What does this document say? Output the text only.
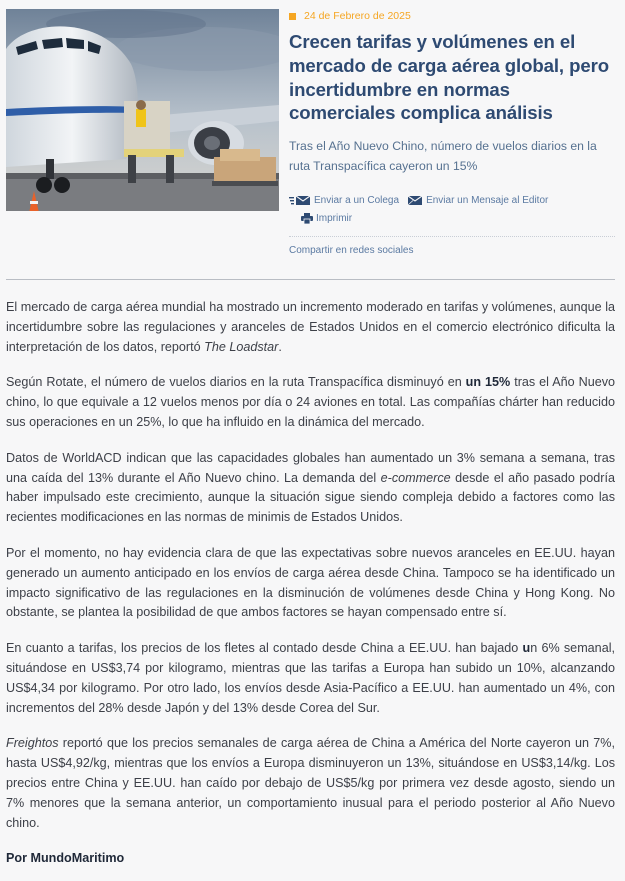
24 de Febrero de 2025
Crecen tarifas y volúmenes en el mercado de carga aérea global, pero incertidumbre en normas comerciales complica análisis
Tras el Año Nuevo Chino, número de vuelos diarios en la ruta Transpacífica cayeron un 15%
Enviar a un Colega	Enviar un Mensaje al Editor
Imprimir
Compartir en redes sociales

El mercado de carga aérea mundial ha mostrado un incremento moderado en tarifas y volúmenes, aunque la incertidumbre sobre las regulaciones y aranceles de Estados Unidos en el comercio electrónico dificulta la interpretación de los datos, reportó The Loadstar.

Según Rotate, el número de vuelos diarios en la ruta Transpacífica disminuyó en un 15% tras el Año Nuevo chino, lo que equivale a 12 vuelos menos por día o 24 aviones en total. Las compañías chárter han reducido sus operaciones en un 25%, lo que ha influido en la dinámica del mercado.

Datos de WorldACD indican que las capacidades globales han aumentado un 3% semana a semana, tras una caída del 13% durante el Año Nuevo chino. La demanda del e-commerce desde el año pasado podría haber impulsado este crecimiento, aunque la situación sigue siendo compleja debido a factores como las recientes modificaciones en las normas de minimis de Estados Unidos.

Por el momento, no hay evidencia clara de que las expectativas sobre nuevos aranceles en EE.UU. hayan generado un aumento anticipado en los envíos de carga aérea desde China. Tampoco se ha identificado un impacto significativo de las regulaciones en la disminución de volúmenes desde China y Hong Kong. No obstante, se plantea la posibilidad de que ambos factores se hayan compensado entre sí.

En cuanto a tarifas, los precios de los fletes al contado desde China a EE.UU. han bajado un 6% semanal, situándose en US$3,74 por kilogramo, mientras que las tarifas a Europa han subido un 10%, alcanzando US$4,34 por kilogramo. Por otro lado, los envíos desde Asia-Pacífico a EE.UU. han aumentado un 4%, con incrementos del 28% desde Japón y del 13% desde Corea del Sur.

Freightos reportó que los precios semanales de carga aérea de China a América del Norte cayeron un 7%, hasta US$4,92/kg, mientras que los envíos a Europa disminuyeron un 13%, situándose en US$3,14/kg. Los precios entre China y EE.UU. han caído por debajo de US$5/kg por primera vez desde agosto, siendo un 7% menores que la semana anterior, un comportamiento inusual para el periodo posterior al Año Nuevo chino.

Por MundoMaritimo
